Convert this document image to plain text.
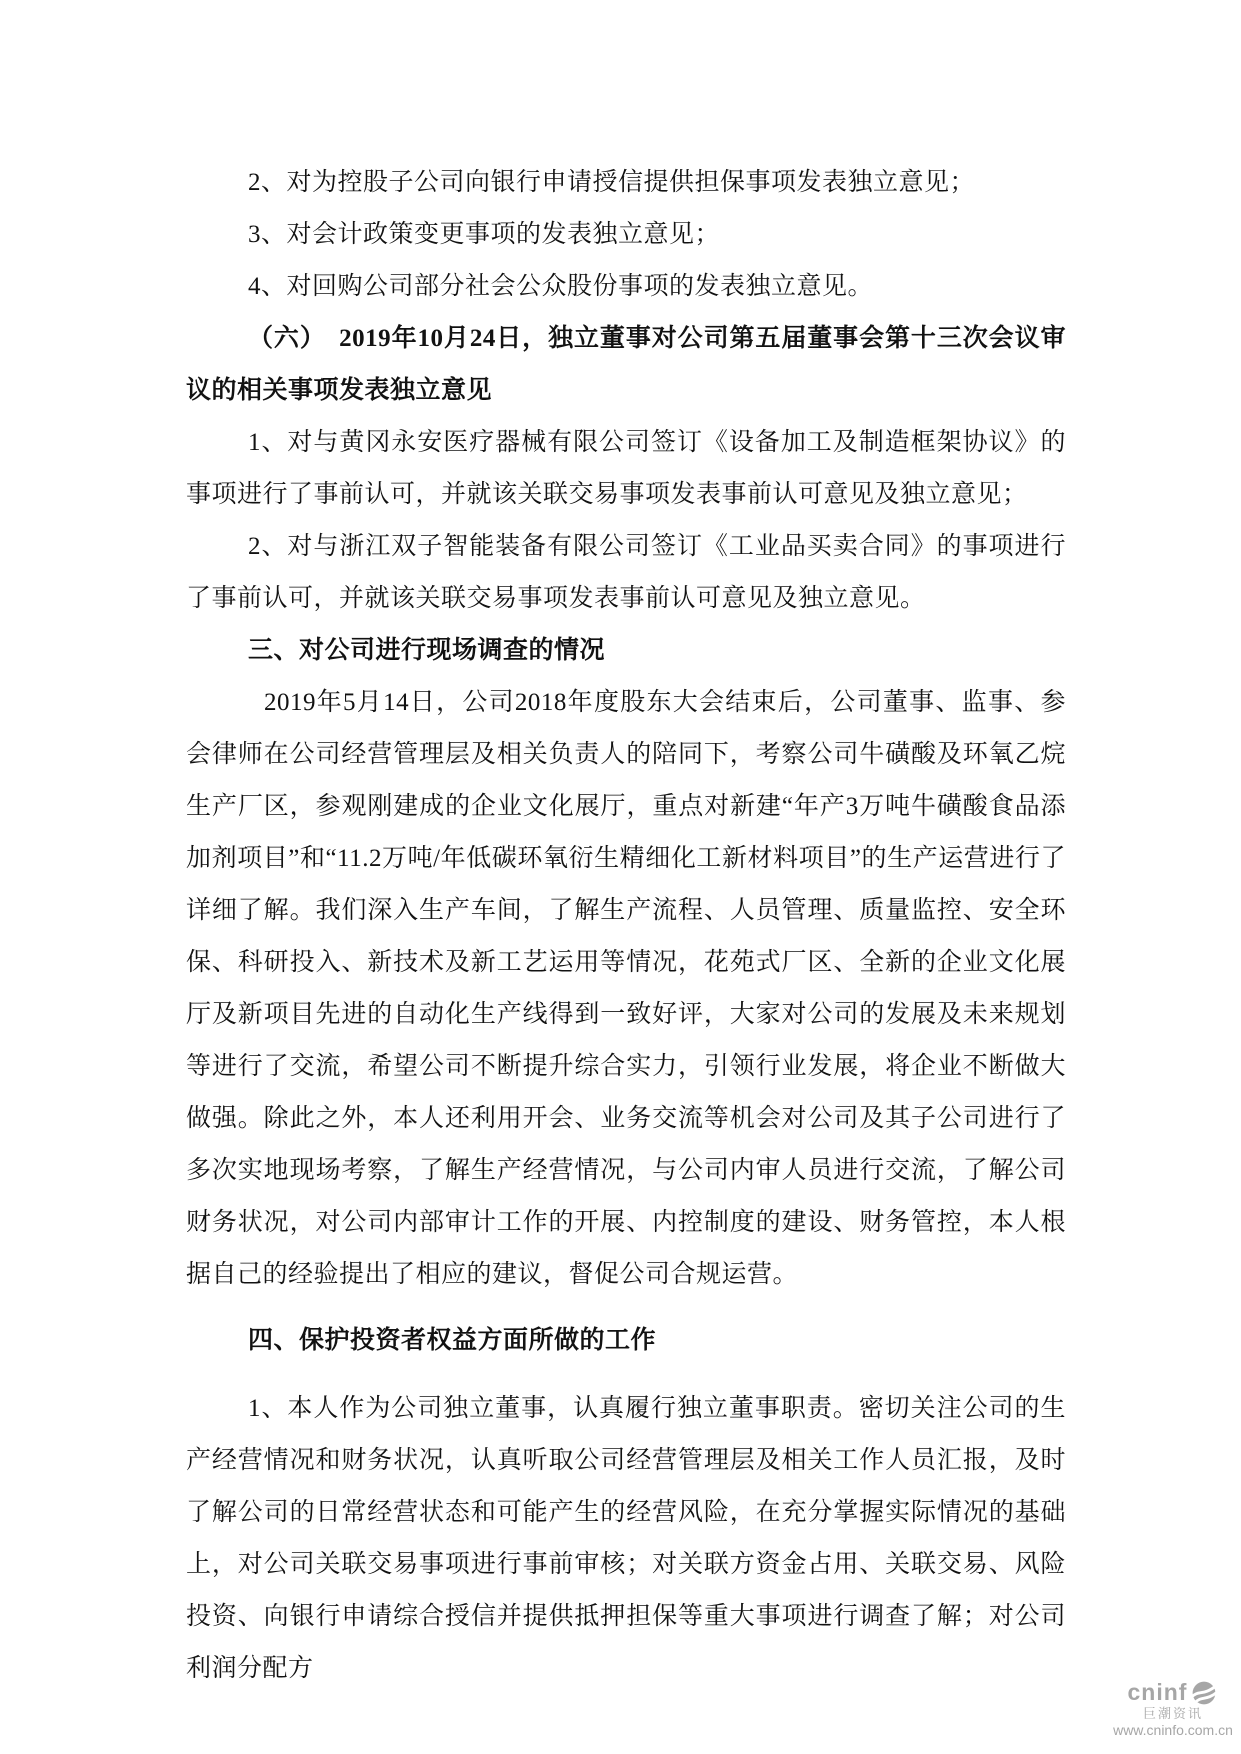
2、对为控股子公司向银行申请授信提供担保事项发表独立意见；

3、对会计政策变更事项的发表独立意见；

4、对回购公司部分社会公众股份事项的发表独立意见。

（六）　2019年10月24日，独立董事对公司第五届董事会第十三次会议审议的相关事项发表独立意见

1、对与黄冈永安医疗器械有限公司签订《设备加工及制造框架协议》的事项进行了事前认可，并就该关联交易事项发表事前认可意见及独立意见；

2、对与浙江双子智能装备有限公司签订《工业品买卖合同》的事项进行了事前认可，并就该关联交易事项发表事前认可意见及独立意见。

三、对公司进行现场调查的情况

2019年5月14日，公司2018年度股东大会结束后，公司董事、监事、参会律师在公司经营管理层及相关负责人的陪同下，考察公司牛磺酸及环氧乙烷生产厂区，参观刚建成的企业文化展厅，重点对新建“年产3万吨牛磺酸食品添加剂项目”和“11.2万吨/年低碳环氧衍生精细化工新材料项目”的生产运营进行了详细了解。我们深入生产车间，了解生产流程、人员管理、质量监控、安全环保、科研投入、新技术及新工艺运用等情况，花苑式厂区、全新的企业文化展厅及新项目先进的自动化生产线得到一致好评，大家对公司的发展及未来规划等进行了交流，希望公司不断提升综合实力，引领行业发展，将企业不断做大做强。除此之外，本人还利用开会、业务交流等机会对公司及其子公司进行了多次实地现场考察，了解生产经营情况，与公司内审人员进行交流，了解公司财务状况，对公司内部审计工作的开展、内控制度的建设、财务管控，本人根据自己的经验提出了相应的建议，督促公司合规运营。

四、保护投资者权益方面所做的工作

1、本人作为公司独立董事，认真履行独立董事职责。密切关注公司的生产经营情况和财务状况，认真听取公司经营管理层及相关工作人员汇报，及时了解公司的日常经营状态和可能产生的经营风险，在充分掌握实际情况的基础上，对公司关联交易事项进行事前审核；对关联方资金占用、关联交易、风险投资、向银行申请综合授信并提供抵押担保等重大事项进行调查了解；对公司利润分配方

cninf
巨潮资讯
www.cninfo.com.cn
